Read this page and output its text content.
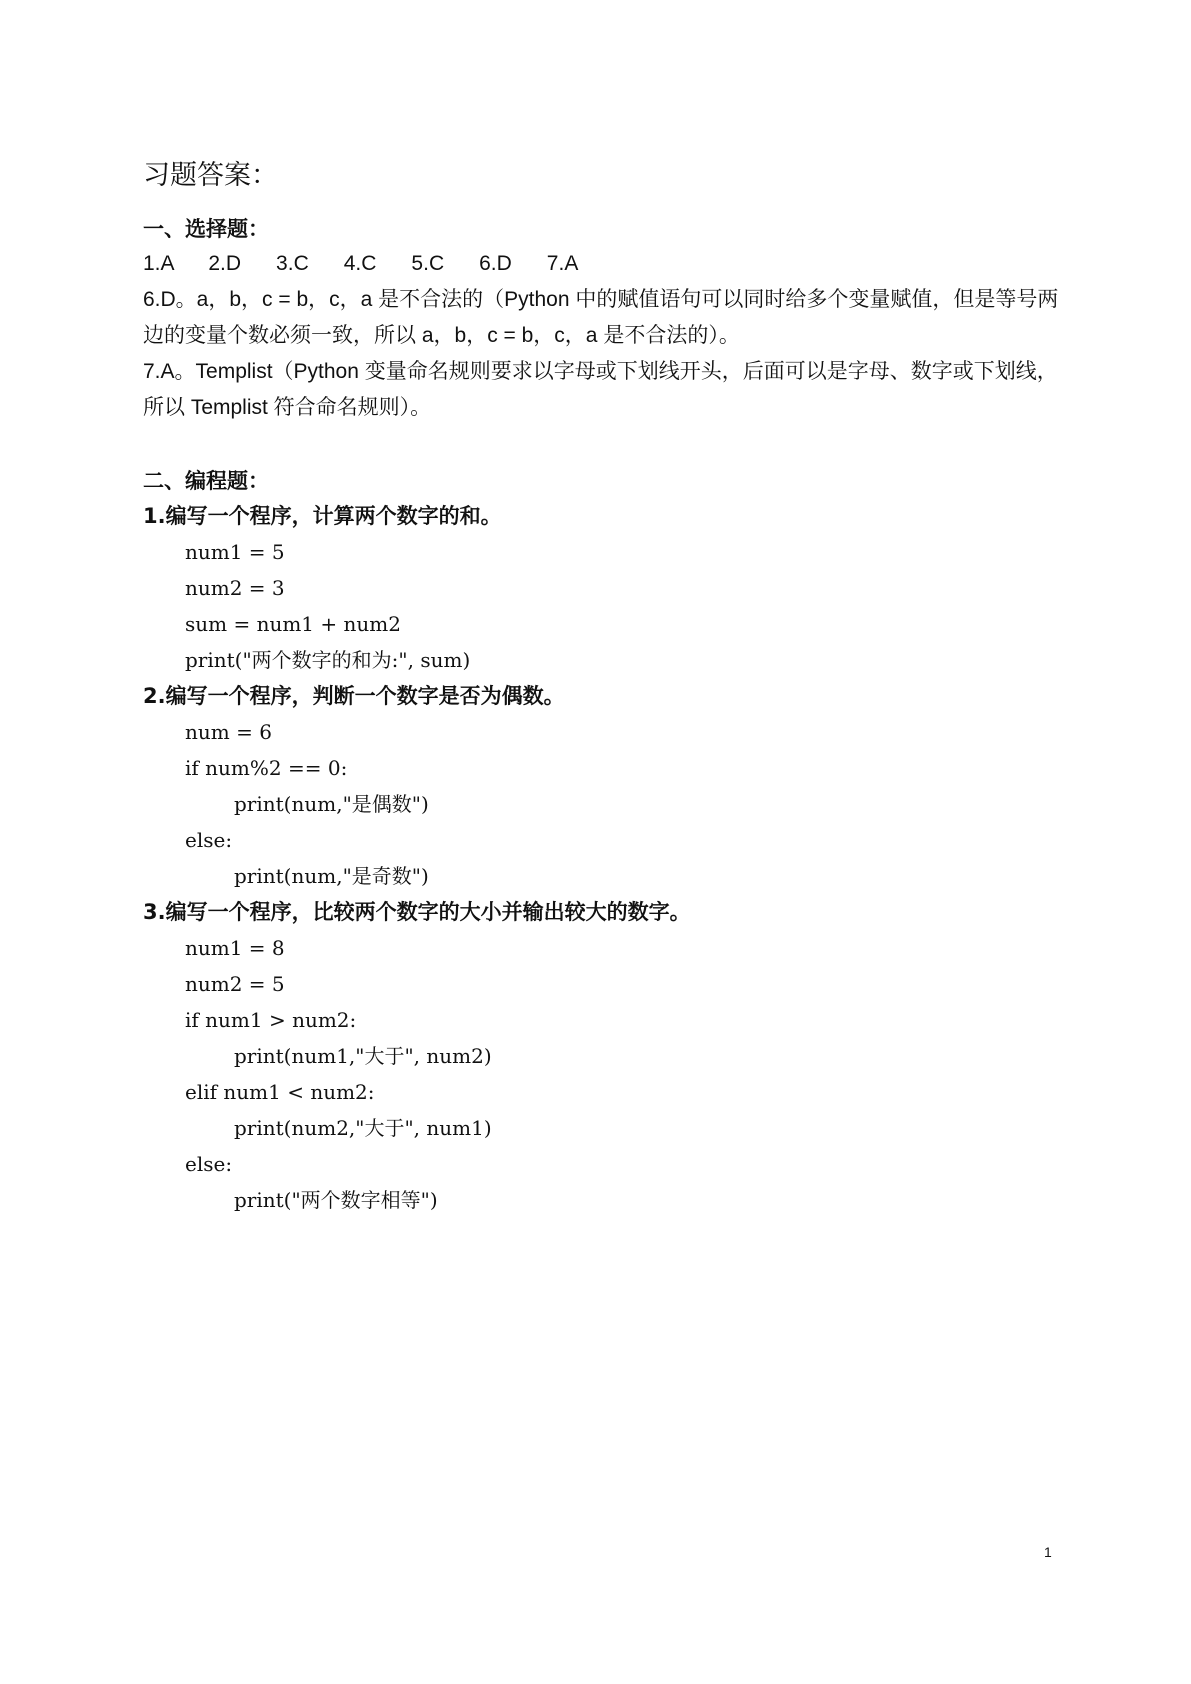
习题答案：
一、选择题：
1.A      2.D      3.C      4.C      5.C      6.D      7.A

6.D。a，b，c = b，c，a 是不合法的（Python 中的赋值语句可以同时给多个变量赋值，但是等号两边的变量个数必须一致，所以 a，b，c = b，c，a 是不合法的）。

7.A。Templist（Python 变量命名规则要求以字母或下划线开头，后面可以是字母、数字或下划线，所以 Templist 符合命名规则）。

二、编程题：

1.编写一个程序，计算两个数字的和。

num1 = 5
num2 = 3
sum = num1 + num2
print("两个数字的和为:", sum)

2.编写一个程序，判断一个数字是否为偶数。

num = 6
if num%2 == 0:
print(num,"是偶数")
else:
print(num,"是奇数")

3.编写一个程序，比较两个数字的大小并输出较大的数字。

num1 = 8
num2 = 5
if num1 > num2:
print(num1,"大于", num2)
elif num1 < num2:
print(num2,"大于", num1)
else:
print("两个数字相等")
1
